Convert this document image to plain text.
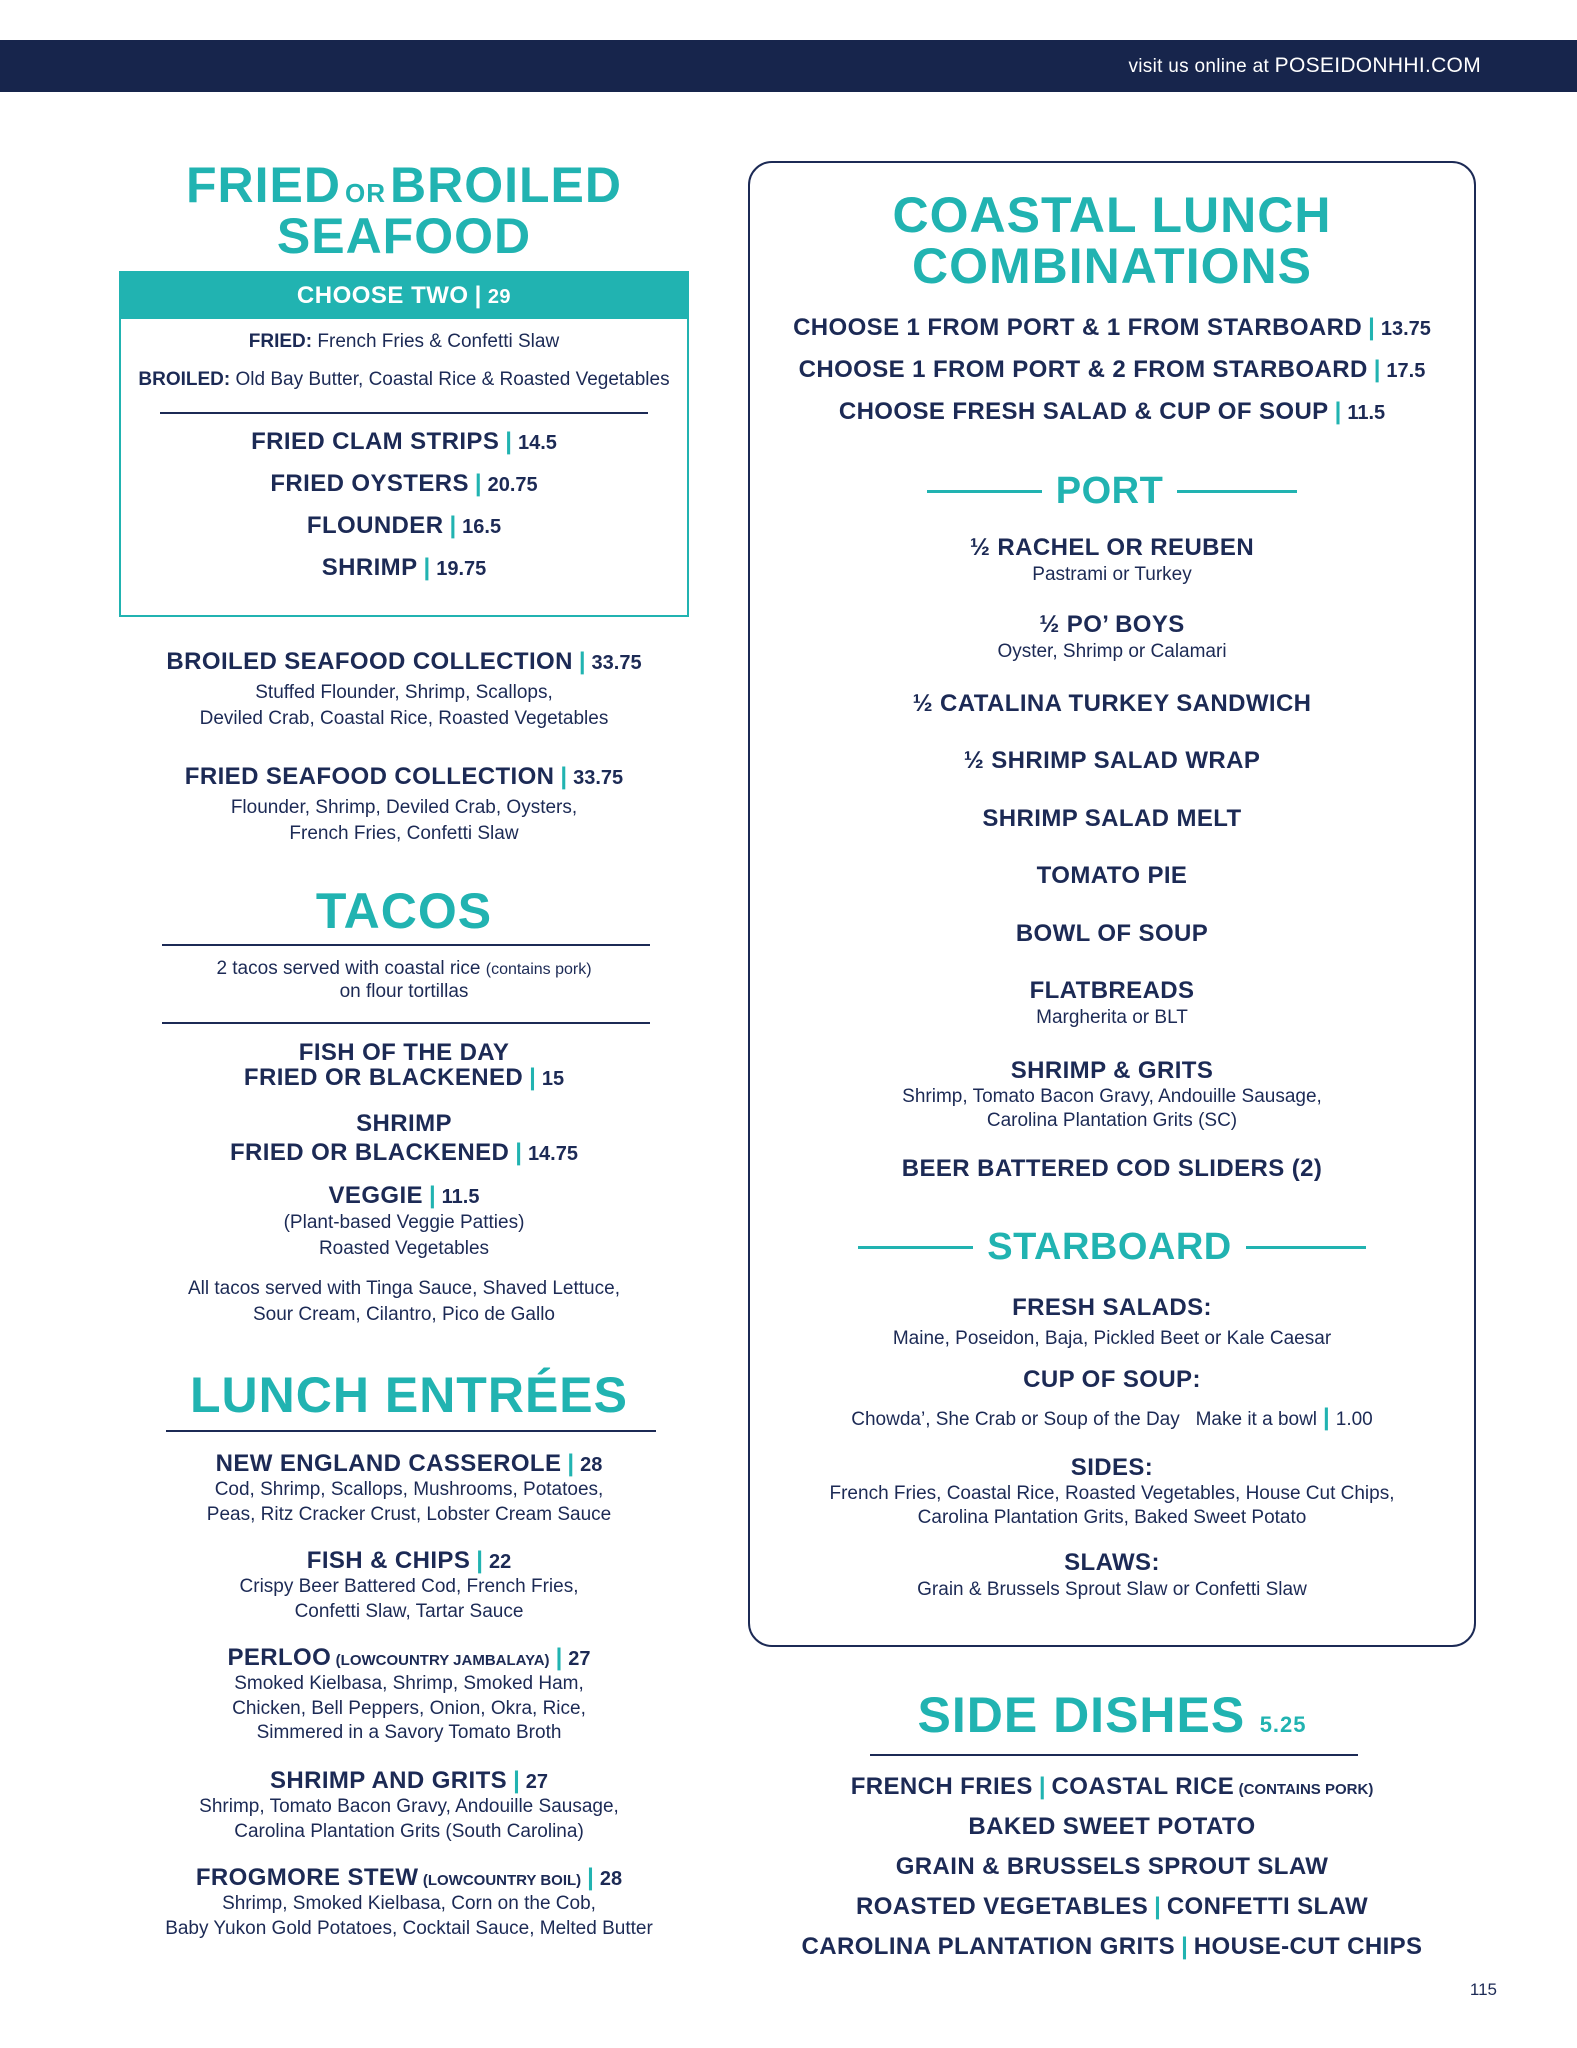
visit us online at POSEIDONHHI.COM
FRIED ORBROILED
SEAFOOD
CHOOSE TWO | 29
FRIED: French Fries & Confetti Slaw
BROILED: Old Bay Butter, Coastal Rice & Roasted Vegetables
FRIED CLAM STRIPS | 14.5
FRIED OYSTERS | 20.75
FLOUNDER | 16.5
SHRIMP | 19.75
BROILED SEAFOOD COLLECTION | 33.75
Stuffed Flounder, Shrimp, Scallops,
Deviled Crab, Coastal Rice, Roasted Vegetables
FRIED SEAFOOD COLLECTION | 33.75
Flounder, Shrimp, Deviled Crab, Oysters,
French Fries, Confetti Slaw
TACOS
2 tacos served with coastal rice (contains pork)
on flour tortillas
FISH OF THE DAY
FRIED OR BLACKENED | 15
SHRIMP
FRIED OR BLACKENED | 14.75
VEGGIE | 11.5
(Plant-based Veggie Patties)
Roasted Vegetables
All tacos served with Tinga Sauce, Shaved Lettuce,
Sour Cream, Cilantro, Pico de Gallo
LUNCH ENTRÉES
NEW ENGLAND CASSEROLE | 28
Cod, Shrimp, Scallops, Mushrooms, Potatoes,
Peas, Ritz Cracker Crust, Lobster Cream Sauce
FISH & CHIPS | 22
Crispy Beer Battered Cod, French Fries,
Confetti Slaw, Tartar Sauce
PERLOO (LOWCOUNTRY JAMBALAYA) | 27
Smoked Kielbasa, Shrimp, Smoked Ham,
Chicken, Bell Peppers, Onion, Okra, Rice,
Simmered in a Savory Tomato Broth
SHRIMP AND GRITS | 27
Shrimp, Tomato Bacon Gravy, Andouille Sausage,
Carolina Plantation Grits (South Carolina)
FROGMORE STEW (LOWCOUNTRY BOIL) | 28
Shrimp, Smoked Kielbasa, Corn on the Cob,
Baby Yukon Gold Potatoes, Cocktail Sauce, Melted Butter
COASTAL LUNCH
COMBINATIONS
CHOOSE 1 FROM PORT & 1 FROM STARBOARD | 13.75
CHOOSE 1 FROM PORT & 2 FROM STARBOARD | 17.5
CHOOSE FRESH SALAD & CUP OF SOUP | 11.5
PORT
½ RACHEL OR REUBEN
Pastrami or Turkey
½ PO’ BOYS
Oyster, Shrimp or Calamari
½ CATALINA TURKEY SANDWICH
½ SHRIMP SALAD WRAP
SHRIMP SALAD MELT
TOMATO PIE
BOWL OF SOUP
FLATBREADS
Margherita or BLT
SHRIMP & GRITS
Shrimp, Tomato Bacon Gravy, Andouille Sausage,
Carolina Plantation Grits (SC)
BEER BATTERED COD SLIDERS (2)
STARBOARD
FRESH SALADS:
Maine, Poseidon, Baja, Pickled Beet or Kale Caesar
CUP OF SOUP:
Chowda’, She Crab or Soup of the Day Make it a bowl | 1.00
SIDES:
French Fries, Coastal Rice, Roasted Vegetables, House Cut Chips,
Carolina Plantation Grits, Baked Sweet Potato
SLAWS:
Grain & Brussels Sprout Slaw or Confetti Slaw
SIDE DISHES 5.25
FRENCH FRIES | COASTAL RICE (CONTAINS PORK)
BAKED SWEET POTATO
GRAIN & BRUSSELS SPROUT SLAW
ROASTED VEGETABLES | CONFETTI SLAW
CAROLINA PLANTATION GRITS | HOUSE-CUT CHIPS
115
